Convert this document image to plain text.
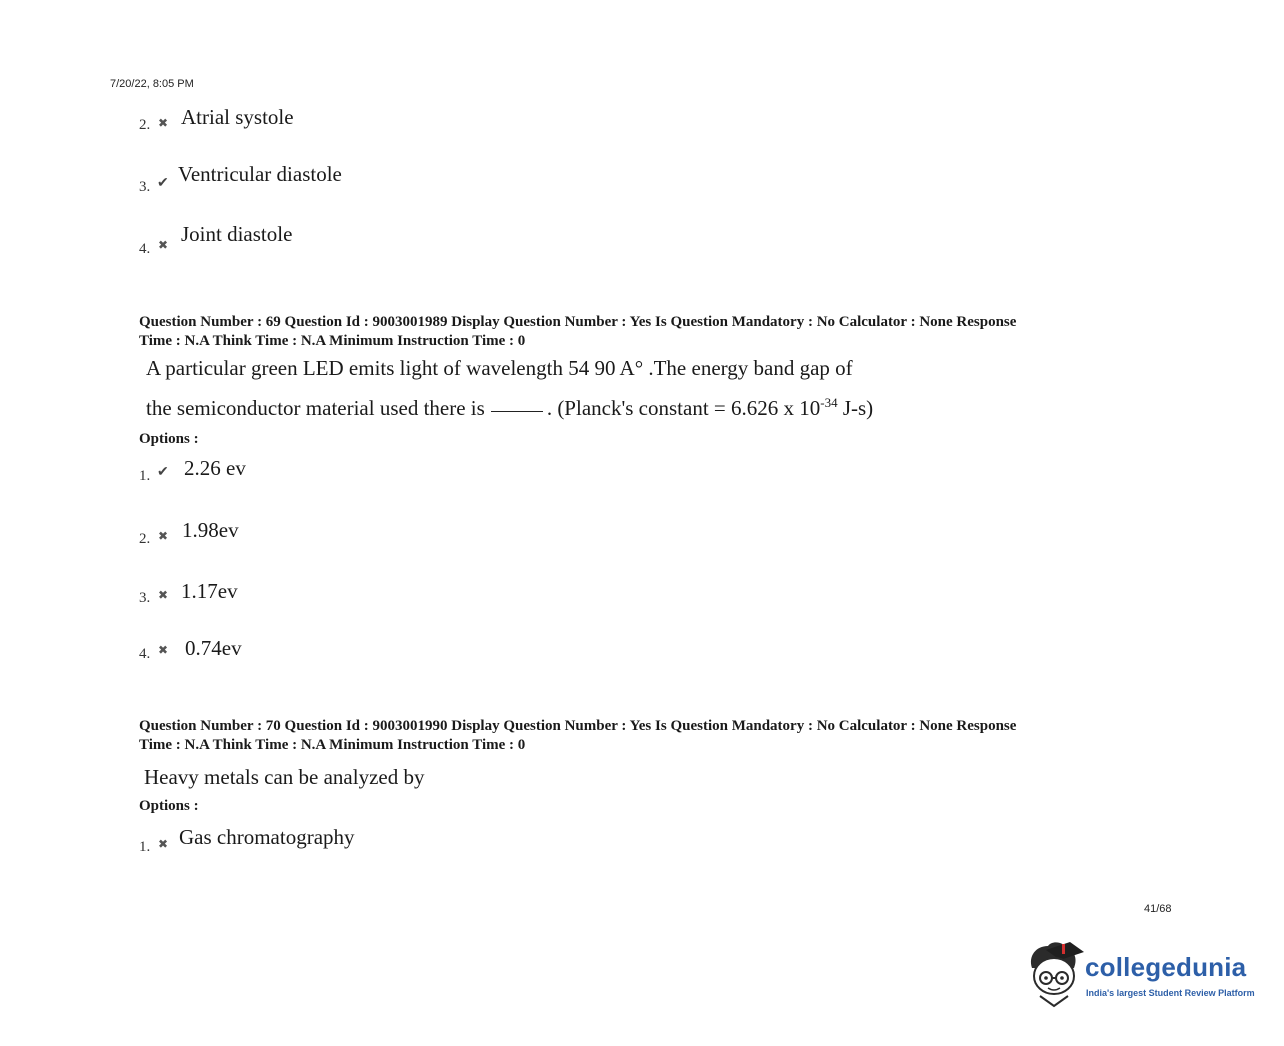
7/20/22, 8:05 PM
2. ✖ Atrial systole
3. ✔ Ventricular diastole
4. ✖ Joint diastole
Question Number : 69 Question Id : 9003001989 Display Question Number : Yes Is Question Mandatory : No Calculator : None Response
Time : N.A Think Time : N.A Minimum Instruction Time : 0
A particular green LED emits light of wavelength 54 90 A° .The energy band gap of
the semiconductor material used there is	. (Planck's constant = 6.626 x $10^{-34}$ J-s)
Options :
1. ✔ 2.26 ev
2. ✖ 1.98ev
3. ✖ 1.17ev
4. ✖ 0.74ev
Question Number : 70 Question Id : 9003001990 Display Question Number : Yes Is Question Mandatory : No Calculator : None Response
Time : N.A Think Time : N.A Minimum Instruction Time : 0
Heavy metals can be analyzed by
Options :
1. ✖ Gas chromatography
41/68
collegedunia
India's largest Student Review Platform
